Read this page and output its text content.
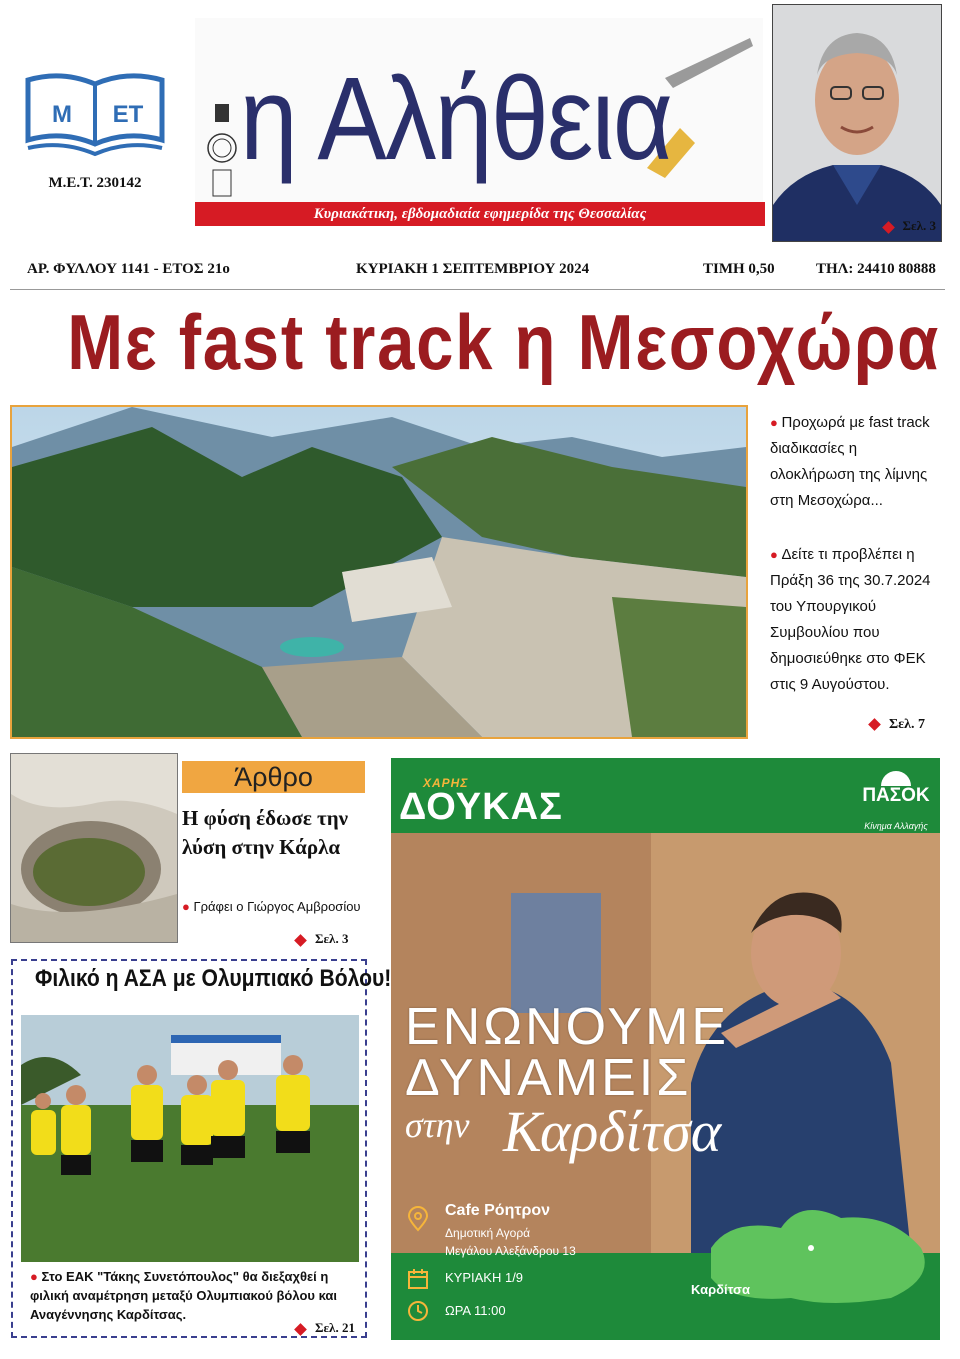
Μ ΕΤ
Μ.Ε.Τ. 230142 η Αλήθεια
Κυριακάτικη, εβδομαδιαία εφημερίδα της Θεσσαλίας
Σελ. 3
ΑΡ. ΦΥΛΛΟΥ 1141 - ΕΤΟΣ 21ο	ΚΥΡΙΑΚΗ 1 ΣΕΠΤΕΜΒΡΙΟΥ 2024	ΤΙΜΗ 0,50	ΤΗΛ: 24410 80888
Με fast track η Μεσοχώρα

● Προχωρά με fast track διαδικασίες η ολοκλήρωση της λίμνης στη Μεσοχώρα...

● Δείτε τι προβλέπει η Πράξη 36 της 30.7.2024 του Υπουργικού Συμβουλίου που δημοσιεύθηκε στο ΦΕΚ στις 9 Αυγούστου.

Σελ. 7
Άρθρο
Η φύση έδωσε την λύση στην Κάρλα
● Γράφει ο Γιώργος Αμβροσίου
Σελ. 3
Φιλικό η ΑΣΑ με Ολυμπιακό Βόλου!
● Στο ΕΑΚ "Τάκης Συνετόπουλος" θα διεξαχθεί η φιλική αναμέτρηση μεταξύ Ολυμπιακού βόλου και Αναγέννησης Καρδίτσας.
Σελ. 21
ΧΑΡΗΣ
ΔΟΥΚΑΣ	ΠΑΣΟΚ
Κίνημα Αλλαγής
ΕΝΩΝΟΥΜΕ
ΔΥΝΑΜΕΙΣ
στην Καρδίτσα
Cafe Ρόητρον
Δημοτική Αγορά
Μεγάλου Αλεξάνδρου 13
ΚΥΡΙΑΚΗ 1/9
ΩΡΑ 11:00
Καρδίτσα
